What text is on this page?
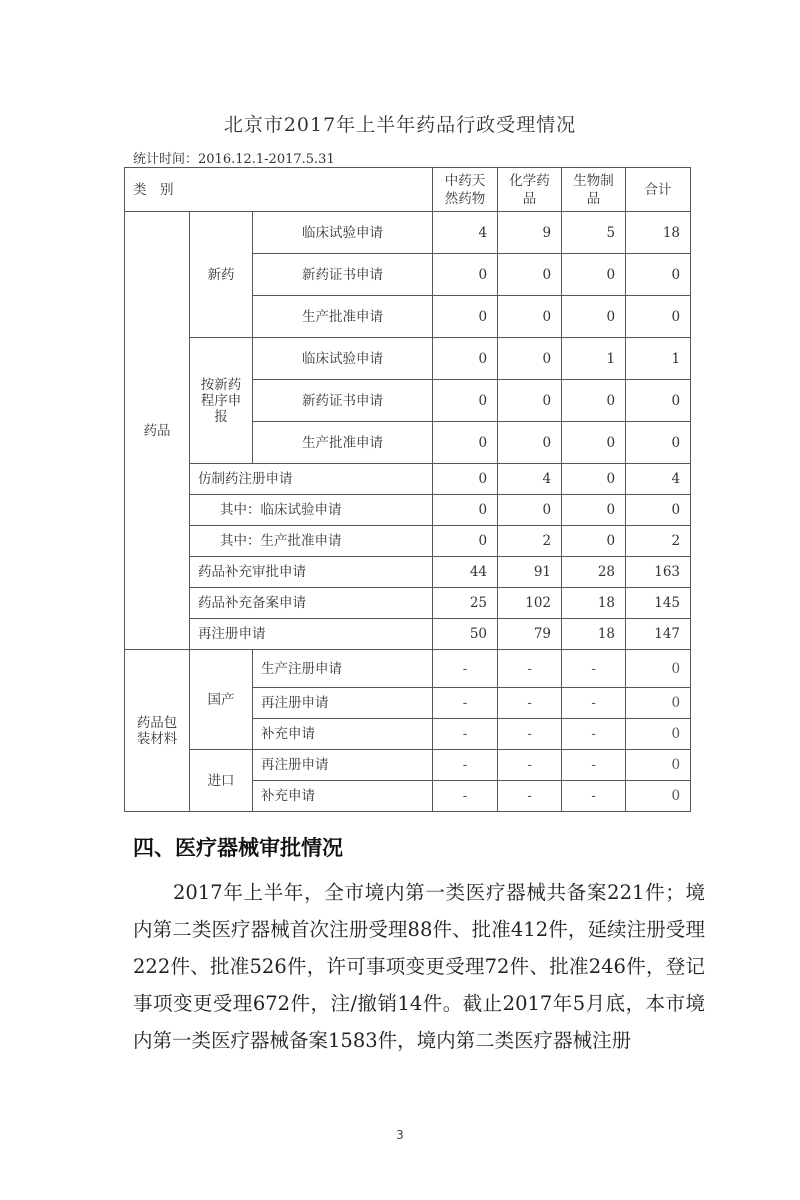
北京市2017年上半年药品行政受理情况
统计时间：2016.12.1-2017.5.31
类　别			中药天然药物	化学药品	生物制品	合计
药品	新药	临床试验申请	4	9	5	18
		新药证书申请	0	0	0	0
		生产批准申请	0	0	0	0
	按新药程序申报	临床试验申请	0	0	1	1
		新药证书申请	0	0	0	0
		生产批准申请	0	0	0	0
	仿制药注册申请		0	4	0	4
	其中：临床试验申请		0	0	0	0
	其中：生产批准申请		0	2	0	2
	药品补充审批申请		44	91	28	163
	药品补充备案申请		25	102	18	145
	再注册申请		50	79	18	147
药品包装材料	国产	生产注册申请	-	-	-	0
		再注册申请	-	-	-	0
		补充申请	-	-	-	0
	进口	再注册申请	-	-	-	0
		补充申请	-	-	-	0
四、医疗器械审批情况
2017年上半年，全市境内第一类医疗器械共备案221件；境内第二类医疗器械首次注册受理88件、批准412件，延续注册受理222件、批准526件，许可事项变更受理72件、批准246件，登记事项变更受理672件，注/撤销14件。截止2017年5月底，本市境内第一类医疗器械备案1583件，境内第二类医疗器械注册
3
